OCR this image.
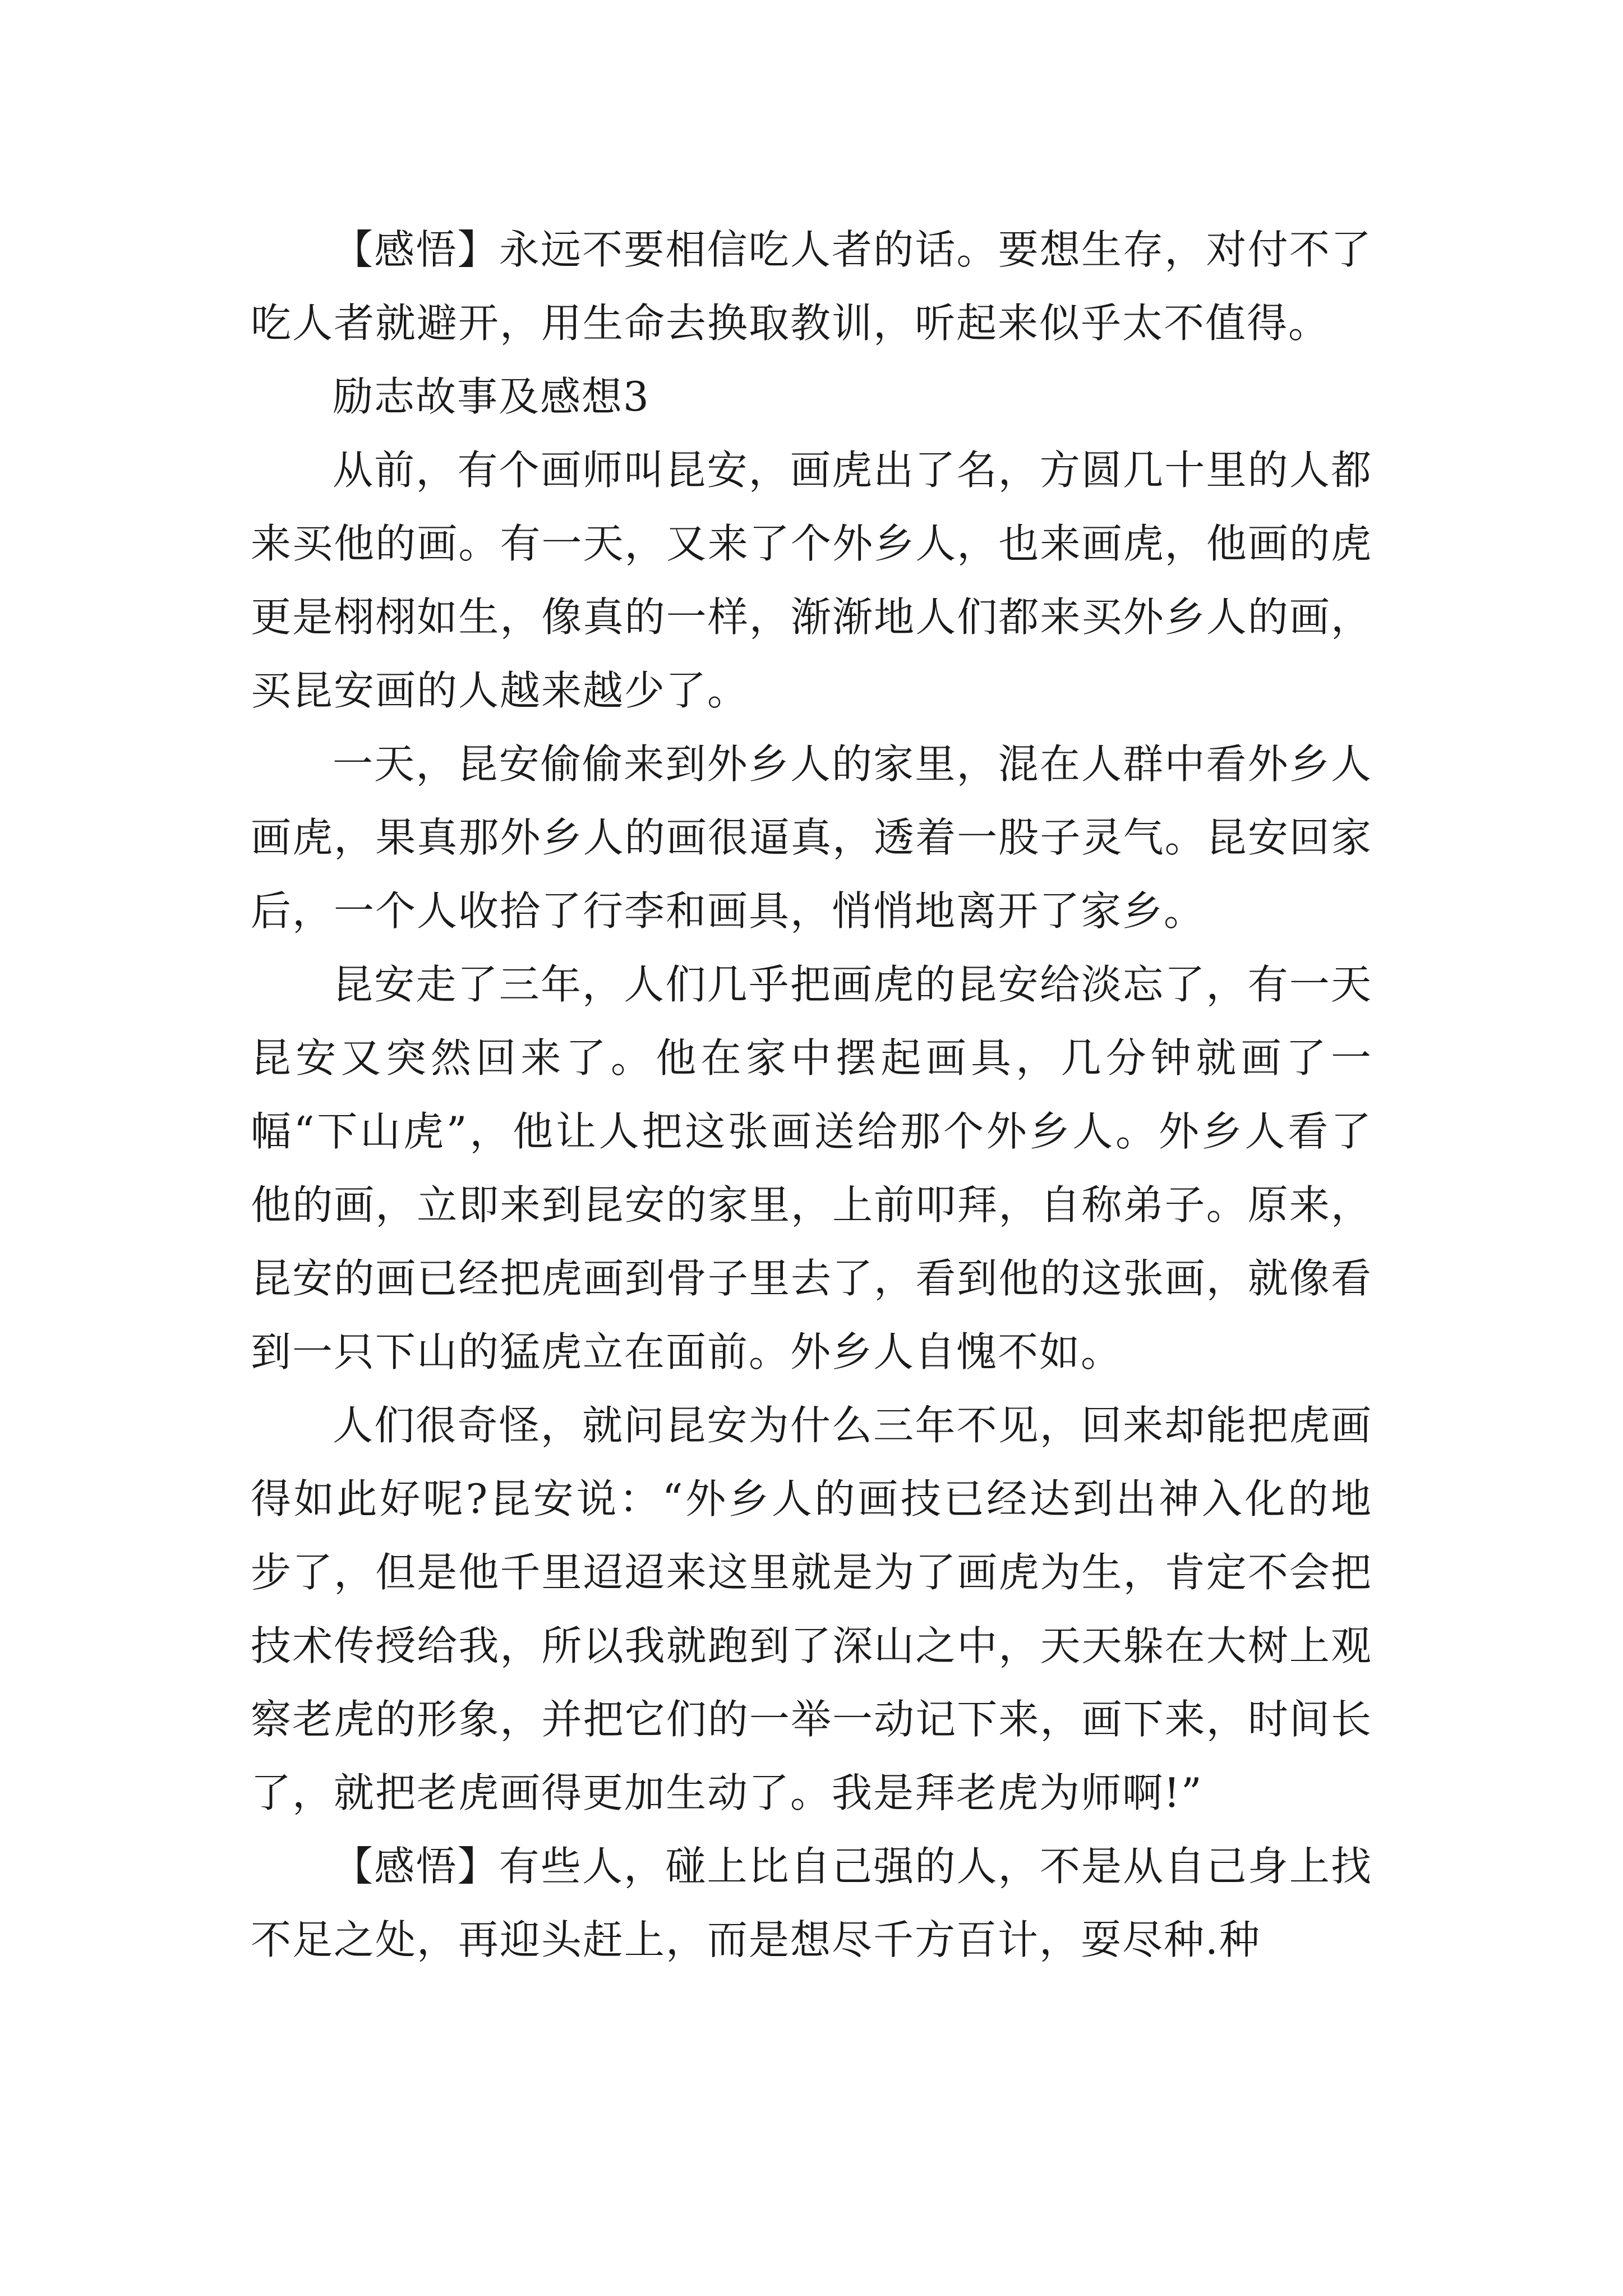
【感悟】永远不要相信吃人者的话。要想生存，对付不了吃人者就避开，用生命去换取教训，听起来似乎太不值得。

励志故事及感想3

从前，有个画师叫昆安，画虎出了名，方圆几十里的人都来买他的画。有一天，又来了个外乡人，也来画虎，他画的虎更是栩栩如生，像真的一样，渐渐地人们都来买外乡人的画，买昆安画的人越来越少了。

一天，昆安偷偷来到外乡人的家里，混在人群中看外乡人画虎，果真那外乡人的画很逼真，透着一股子灵气。昆安回家后，一个人收拾了行李和画具，悄悄地离开了家乡。

昆安走了三年，人们几乎把画虎的昆安给淡忘了，有一天昆安又突然回来了。他在家中摆起画具，几分钟就画了一幅“下山虎”，他让人把这张画送给那个外乡人。外乡人看了他的画，立即来到昆安的家里，上前叩拜，自称弟子。原来，昆安的画已经把虎画到骨子里去了，看到他的这张画，就像看到一只下山的猛虎立在面前。外乡人自愧不如。

人们很奇怪，就问昆安为什么三年不见，回来却能把虎画得如此好呢?昆安说：“外乡人的画技已经达到出神入化的地步了，但是他千里迢迢来这里就是为了画虎为生，肯定不会把技术传授给我，所以我就跑到了深山之中，天天躲在大树上观察老虎的形象，并把它们的一举一动记下来，画下来，时间长了，就把老虎画得更加生动了。我是拜老虎为师啊!”

【感悟】有些人，碰上比自己强的人，不是从自己身上找不足之处，再迎头赶上，而是想尽千方百计，耍尽种.种
